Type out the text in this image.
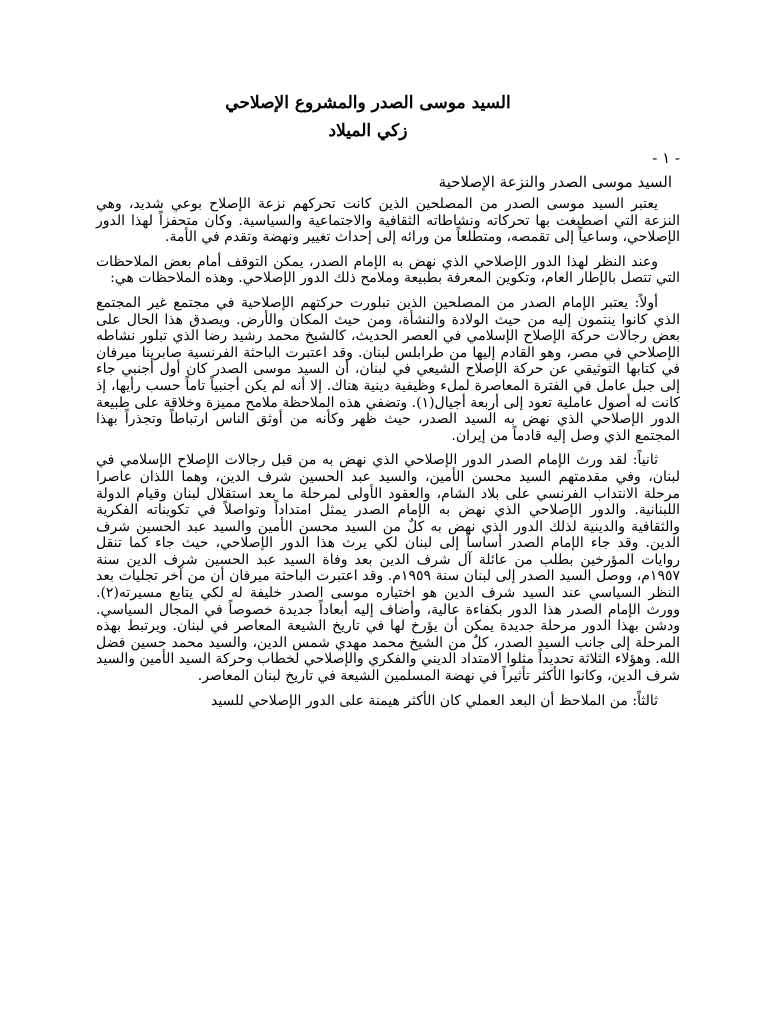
السيد موسى الصدر والمشروع الإصلاحي
زكي الميلاد
- ١ -
السيد موسى الصدر والنزعة الإصلاحية

يعتبر السيد موسى الصدر من المصلحين الذين كانت تحركهم نزعة الإصلاح بوعي شديد، وهي النزعة التي اصطبغت بها تحركاته ونشاطاته الثقافية والاجتماعية والسياسية. وكان متحفزاً لهذا الدور الإصلاحي، وساعياً إلى تقمصه، ومتطلعاً من ورائه إلى إحداث تغيير ونهضة وتقدم في الأمة.

وعند النظر لهذا الدور الإصلاحي الذي نهض به الإمام الصدر، يمكن التوقف أمام بعض الملاحظات التي تتصل بالإطار العام، وتكوين المعرفة بطبيعة وملامح ذلك الدور الإصلاحي. وهذه الملاحظات هي:

أولاً: يعتبر الإمام الصدر من المصلحين الذين تبلورت حركتهم الإصلاحية في مجتمع غير المجتمع الذي كانوا ينتمون إليه من حيث الولادة والنشأة، ومن حيث المكان والأرض. ويصدق هذا الحال على بعض رجالات حركة الإصلاح الإسلامي في العصر الحديث، كالشيخ محمد رشيد رضا الذي تبلور نشاطه الإصلاحي في مصر، وهو القادم إليها من طرابلس لبنان. وقد اعتبرت الباحثة الفرنسية صابرينا ميرفان في كتابها التوثيقي عن حركة الإصلاح الشيعي في لبنان، أن السيد موسى الصدر كان أول أجنبي جاء إلى جبل عامل في الفترة المعاصرة لملء وظيفية دينية هناك. إلا أنه لم يكن أجنبياً تاماً حسب رأيها، إذ كانت له أصول عاملية تعود إلى أربعة أجيال(١). وتضفي هذه الملاحظة ملامح مميزة وخلاقة على طبيعة الدور الإصلاحي الذي نهض به السيد الصدر، حيث ظهر وكأنه من أوثق الناس ارتباطاً وتجذراً بهذا المجتمع الذي وصل إليه قادماً من إيران.

ثانياً: لقد ورث الإمام الصدر الدور الإصلاحي الذي نهض به من قبل رجالات الإصلاح الإسلامي في لبنان، وفي مقدمتهم السيد محسن الأمين، والسيد عبد الحسين شرف الدين، وهما اللذان عاصرا مرحلة الانتداب الفرنسي على بلاد الشام، والعقود الأولى لمرحلة ما بعد استقلال لبنان وقيام الدولة اللبنانية. والدور الإصلاحي الذي نهض به الإمام الصدر يمثل امتداداً وتواصلاً في تكويناته الفكرية والثقافية والدينية لذلك الدور الذي نهض به كلٌ من السيد محسن الأمين والسيد عبد الحسين شرف الدين. وقد جاء الإمام الصدر أساساً إلى لبنان لكي يرث هذا الدور الإصلاحي، حيث جاء كما تنقل روايات المؤرخين بطلب من عائلة آل شرف الدين بعد وفاة السيد عبد الحسين شرف الدين سنة ١٩٥٧م، ووصل السيد الصدر إلى لبنان سنة ١٩٥٩م. وقد اعتبرت الباحثة ميرفان أن من آخر تجليات بعد النظر السياسي عند السيد شرف الدين هو اختياره موسى الصدر خليفة له لكي يتابع مسيرته(٢). وورث الإمام الصدر هذا الدور بكفاءة عالية، وأضاف إليه أبعاداً جديدة خصوصاً في المجال السياسي. ودشن بهذا الدور مرحلة جديدة يمكن أن يؤرخ لها في تاريخ الشيعة المعاصر في لبنان. ويرتبط بهذه المرحلة إلى جانب السيد الصدر، كلٌ من الشيخ محمد مهدي شمس الدين، والسيد محمد حسين فضل الله. وهؤلاء الثلاثة تحديداً مثلوا الامتداد الديني والفكري والإصلاحي لخطاب وحركة السيد الأمين والسيد شرف الدين، وكانوا الأكثر تأثيراً في نهضة المسلمين الشيعة في تاريخ لبنان المعاصر.

ثالثاً: من الملاحظ أن البعد العملي كان الأكثر هيمنة على الدور الإصلاحي للسيد
